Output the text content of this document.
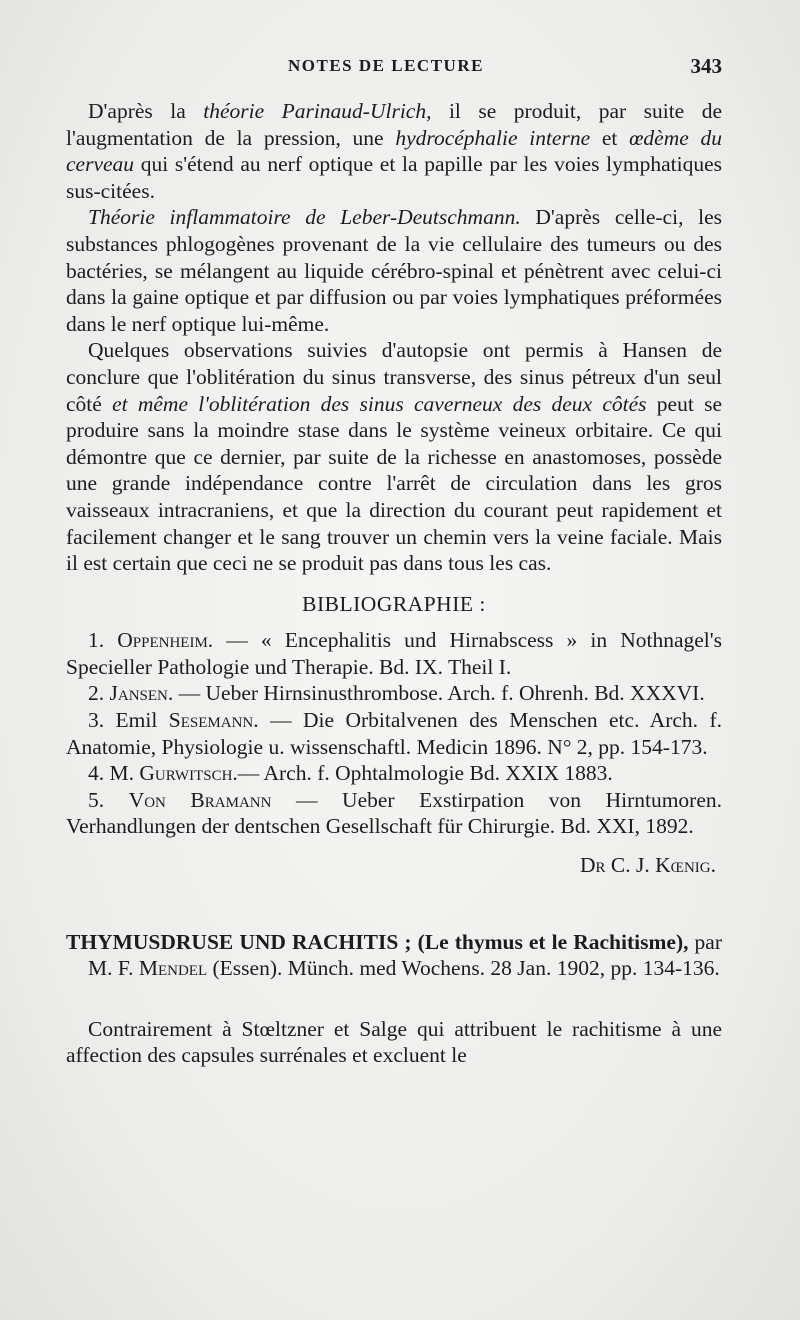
NOTES DE LECTURE	343

D'après la théorie Parinaud-Ulrich, il se produit, par suite de l'augmentation de la pression, une hydrocéphalie interne et œdème du cerveau qui s'étend au nerf optique et la papille par les voies lymphatiques sus-citées.

Théorie inflammatoire de Leber-Deutschmann. D'après celle-ci, les substances phlogogènes provenant de la vie cellulaire des tumeurs ou des bactéries, se mélangent au liquide cérébro-spinal et pénètrent avec celui-ci dans la gaine optique et par diffusion ou par voies lymphatiques préformées dans le nerf optique lui-même.

Quelques observations suivies d'autopsie ont permis à Hansen de conclure que l'oblitération du sinus transverse, des sinus pétreux d'un seul côté et même l'oblitération des sinus caverneux des deux côtés peut se produire sans la moindre stase dans le système veineux orbitaire. Ce qui démontre que ce dernier, par suite de la richesse en anastomoses, possède une grande indépendance contre l'arrêt de circulation dans les gros vaisseaux intracraniens, et que la direction du courant peut rapidement et facilement changer et le sang trouver un chemin vers la veine faciale. Mais il est certain que ceci ne se produit pas dans tous les cas.

BIBLIOGRAPHIE :

1. Oppenheim. — « Encephalitis und Hirnabscess » in Nothnagel's Specieller Pathologie und Therapie. Bd. IX. Theil I.

2. Jansen. — Ueber Hirnsinusthrombose. Arch. f. Ohrenh. Bd. XXXVI.

3. Emil Sesemann. — Die Orbitalvenen des Menschen etc. Arch. f. Anatomie, Physiologie u. wissenschaftl. Medicin 1896. N° 2, pp. 154-173.

4. M. Gurwitsch.— Arch. f. Ophtalmologie Bd. XXIX 1883.

5. Von Bramann — Ueber Exstirpation von Hirntumoren. Verhandlungen der dentschen Gesellschaft für Chirurgie. Bd. XXI, 1892.

Dr C. J. Kœnig.

THYMUSDRUSE UND RACHITIS ; (Le thymus et le Rachitisme), par M. F. Mendel (Essen). Münch. med Wochens. 28 Jan. 1902, pp. 134-136.

Contrairement à Stœltzner et Salge qui attribuent le rachitisme à une affection des capsules surrénales et excluent le
